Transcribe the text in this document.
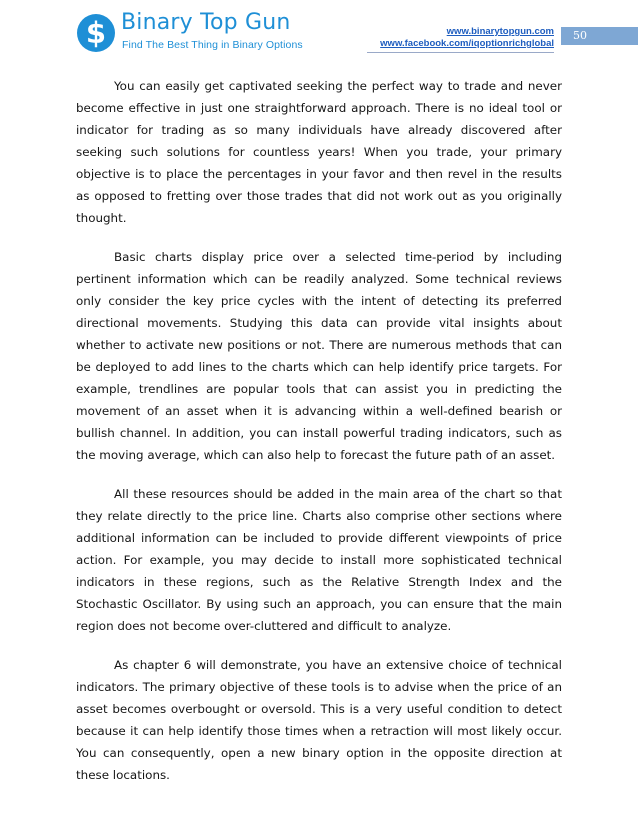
$ Binary Top Gun
Find The Best Thing in Binary Options
www.binarytopgun.com
www.facebook.com/iqoptionrichglobal
50

You can easily get captivated seeking the perfect way to trade and never become effective in just one straightforward approach. There is no ideal tool or indicator for trading as so many individuals have already discovered after seeking such solutions for countless years! When you trade, your primary objective is to place the percentages in your favor and then revel in the results as opposed to fretting over those trades that did not work out as you originally thought.

Basic charts display price over a selected time-period by including pertinent information which can be readily analyzed. Some technical reviews only consider the key price cycles with the intent of detecting its preferred directional movements. Studying this data can provide vital insights about whether to activate new positions or not. There are numerous methods that can be deployed to add lines to the charts which can help identify price targets. For example, trendlines are popular tools that can assist you in predicting the movement of an asset when it is advancing within a well-defined bearish or bullish channel. In addition, you can install powerful trading indicators, such as the moving average, which can also help to forecast the future path of an asset.

All these resources should be added in the main area of the chart so that they relate directly to the price line. Charts also comprise other sections where additional information can be included to provide different viewpoints of price action. For example, you may decide to install more sophisticated technical indicators in these regions, such as the Relative Strength Index and the Stochastic Oscillator. By using such an approach, you can ensure that the main region does not become over-cluttered and difficult to analyze.

As chapter 6 will demonstrate, you have an extensive choice of technical indicators. The primary objective of these tools is to advise when the price of an asset becomes overbought or oversold. This is a very useful condition to detect because it can help identify those times when a retraction will most likely occur. You can consequently, open a new binary option in the opposite direction at these locations.
